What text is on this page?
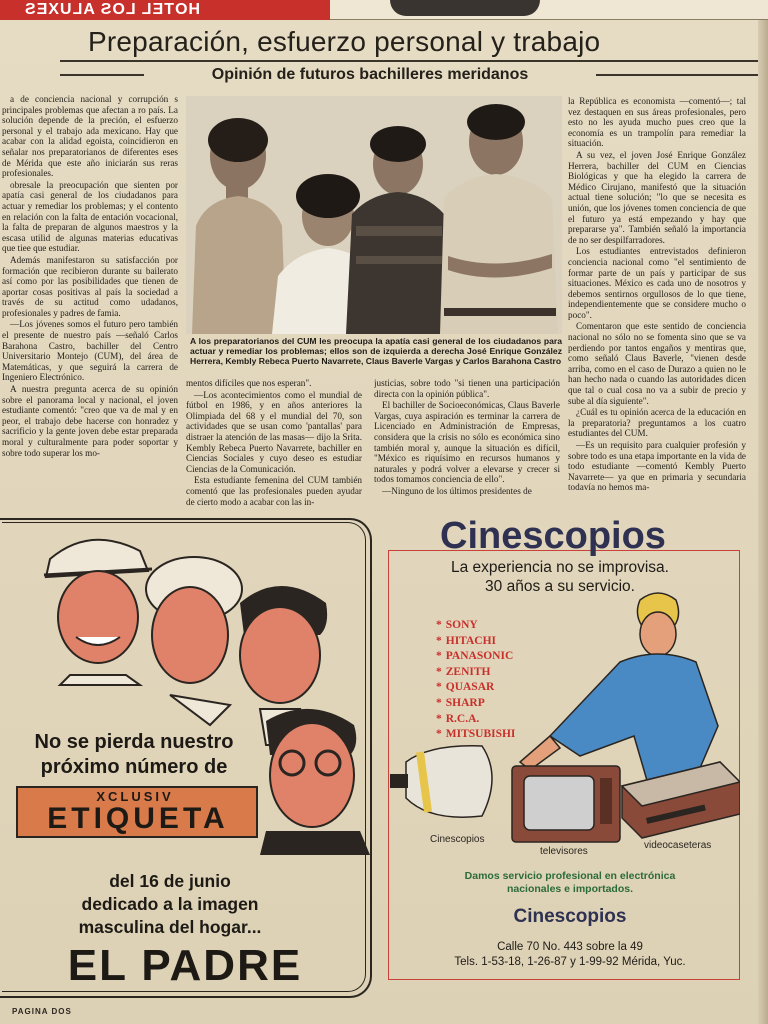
HOTEL LOS ALUXES
Preparación, esfuerzo personal y trabajo
Opinión de futuros bachilleres meridanos

a de conciencia nacional y corrupción s principales problemas que afectan a ro país. La solución depende de la preción, el esfuerzo personal y el trabajo ada mexicano. Hay que acabar con la alidad egoista, coincidieron en señalar nos preparatorianos de diferentes eses de Mérida que este año iniciarán sus reras profesionales.

obresale la preocupación que sienten por apatía casi general de los ciudadanos para actuar y remediar los problemas; y el contento en relación con la falta de entación vocacional, la falta de preparan de algunos maestros y la escasa utilid de algunas materias educativas que tiee que estudiar.

Además manifestaron su satisfacción por formación que recibieron durante su bailerato así como por las posibilidades que tienen de aportar cosas positivas al país la sociedad a través de su actitud como udadanos, profesionales y padres de famia.

—Los jóvenes somos el futuro pero también el presente de nuestro país —señaló Carlos Barahona Castro, bachiller del Centro Universitario Montejo (CUM), del área de Matemáticas, y que seguirá la carrera de Ingeniero Electrónico.

A nuestra pregunta acerca de su opinión sobre el panorama local y nacional, el joven estudiante comentó: "creo que va de mal y en peor, el trabajo debe hacerse con honradez y sacrificio y la gente joven debe estar preparada moral y culturalmente para poder soportar y sobre todo superar los mo-

A los preparatorianos del CUM les preocupa la apatía casi general de los ciudadanos para actuar y remediar los problemas; ellos son de izquierda a derecha José Enrique González Herrera, Kembly Rebeca Puerto Navarrete, Claus Baverle Vargas y Carlos Barahona Castro

mentos difíciles que nos esperan".

—Los acontecimientos como el mundial de fútbol en 1986, y en años anteriores la Olimpiada del 68 y el mundial del 70, son actividades que se usan como 'pantallas' para distraer la atención de las masas— dijo la Srita. Kembly Rebeca Puerto Navarrete, bachiller en Ciencias Sociales y cuyo deseo es estudiar Ciencias de la Comunicación.

Esta estudiante femenina del CUM también comentó que las profesionales pueden ayudar de cierto modo a acabar con las in-

justicias, sobre todo "si tienen una participación directa con la opinión pública".

El bachiller de Socioeconómicas, Claus Baverle Vargas, cuya aspiración es terminar la carrera de Licenciado en Administración de Empresas, considera que la crisis no sólo es económica sino también moral y, aunque la situación es difícil, "México es riquísimo en recursos humanos y naturales y podrá volver a elevarse y crecer si todos tomamos conciencia de ello".

—Ninguno de los últimos presidentes de

la República es economista —comentó—; tal vez destaquen en sus áreas profesionales, pero esto no les ayuda mucho pues creo que la economía es un trampolín para remediar la situación.

A su vez, el joven José Enrique González Herrera, bachiller del CUM en Ciencias Biológicas y que ha elegido la carrera de Médico Cirujano, manifestó que la situación actual tiene solución; "lo que se necesita es unión, que los jóvenes tomen conciencia de que el futuro ya está empezando y hay que prepararse ya". También señaló la importancia de no ser despilfarradores.

Los estudiantes entrevistados definieron conciencia nacional como "el sentimiento de formar parte de un país y participar de sus situaciones. México es cada uno de nosotros y debemos sentirnos orgullosos de lo que tiene, independientemente que se considere mucho o poco".

Comentaron que este sentido de conciencia nacional no sólo no se fomenta sino que se va perdiendo por tantos engaños y mentiras que, como señaló Claus Baverle, "vienen desde arriba, como en el caso de Durazo a quien no le han hecho nada o cuando las autoridades dicen que tal o cual cosa no va a subir de precio y sube al día siguiente".

¿Cuál es tu opinión acerca de la educación en la preparatoria? preguntamos a los cuatro estudiantes del CUM.

—Es un requisito para cualquier profesión y sobre todo es una etapa importante en la vida de todo estudiante —comentó Kembly Puerto Navarrete— ya que en primaria y secundaria todavía no hemos ma-

No se pierda nuestro
próximo número de
XCLUSIV
ETIQUETA
del 16 de junio
dedicado a la imagen
masculina del hogar...
EL PADRE
PAGINA DOS
Cinescopios
La experiencia no se improvisa.
30 años a su servicio.
* SONY
* HITACHI
* PANASONIC
* ZENITH
* QUASAR
* SHARP
* R.C.A.
* MITSUBISHI
Cinescopios
televisores
videocaseteras
Damos servicio profesional en electrónica
nacionales e importados.
Cinescopios
Calle 70 No. 443 sobre la 49
Tels. 1-53-18, 1-26-87 y 1-99-92 Mérida, Yuc.
